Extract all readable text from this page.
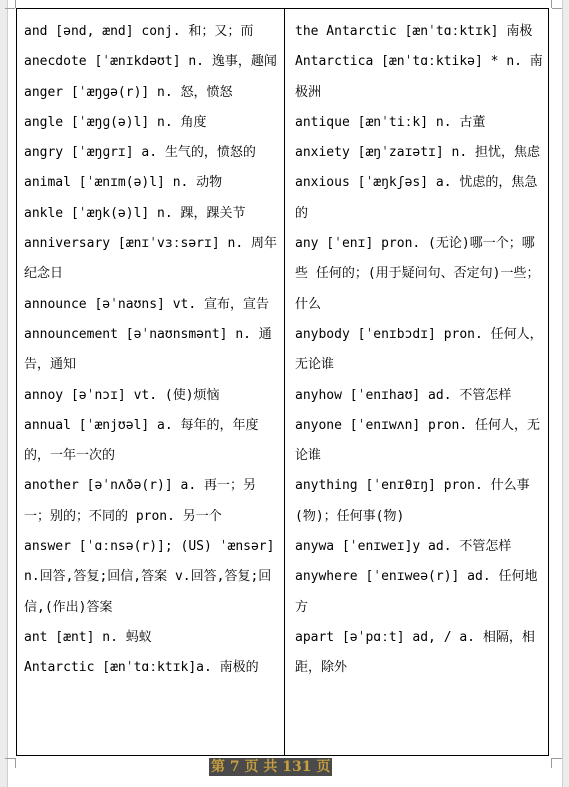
and [ənd, ænd] conj. 和；又；而

anecdote [ˈænɪkdəʊt] n. 逸事，趣闻

anger [ˈæŋɡə(r)] n. 怒，愤怒

angle [ˈæŋɡ(ə)l] n. 角度

angry [ˈæŋɡrɪ] a. 生气的，愤怒的

animal [ˈænɪm(ə)l] n. 动物

ankle [ˈæŋk(ə)l] n. 踝，踝关节

anniversary [ænɪˈvɜːsərɪ] n. 周年纪念日

announce [əˈnaʊns] vt. 宣布，宣告

announcement [əˈnaʊnsmənt] n. 通告，通知

annoy [əˈnɔɪ] vt. (使)烦恼

annual [ˈænjʊəl] a. 每年的，年度的，一年一次的

another [əˈnʌðə(r)] a. 再一；另一；别的；不同的 pron. 另一个

answer [ˈɑːnsə(r)]; (US) ˈænsər] n.回答,答复;回信,答案 v.回答,答复;回信,(作出)答案

ant [ænt] n. 蚂蚁

Antarctic [ænˈtɑːktɪk]a. 南极的

the Antarctic [ænˈtɑːktɪk] 南极

Antarctica [ænˈtɑːktikə] * n. 南极洲

antique [ænˈtiːk] n. 古董

anxiety [æŋˈzaɪətɪ] n. 担忧，焦虑

anxious [ˈæŋkʃəs] a. 忧虑的，焦急的

any [ˈenɪ] pron. (无论)哪一个；哪些 任何的；(用于疑问句、否定句)一些；什么

anybody [ˈenɪbɔdɪ] pron. 任何人，无论谁

anyhow [ˈenɪhaʊ] ad. 不管怎样

anyone [ˈenɪwʌn] pron. 任何人，无论谁

anything [ˈenɪθɪŋ] pron. 什么事(物)；任何事(物)

anywa [ˈenɪweɪ]y ad. 不管怎样

anywhere [ˈenɪweə(r)] ad. 任何地方

apart [əˈpɑːt] ad, / a. 相隔，相距，除外

第 7 页 共 131 页
